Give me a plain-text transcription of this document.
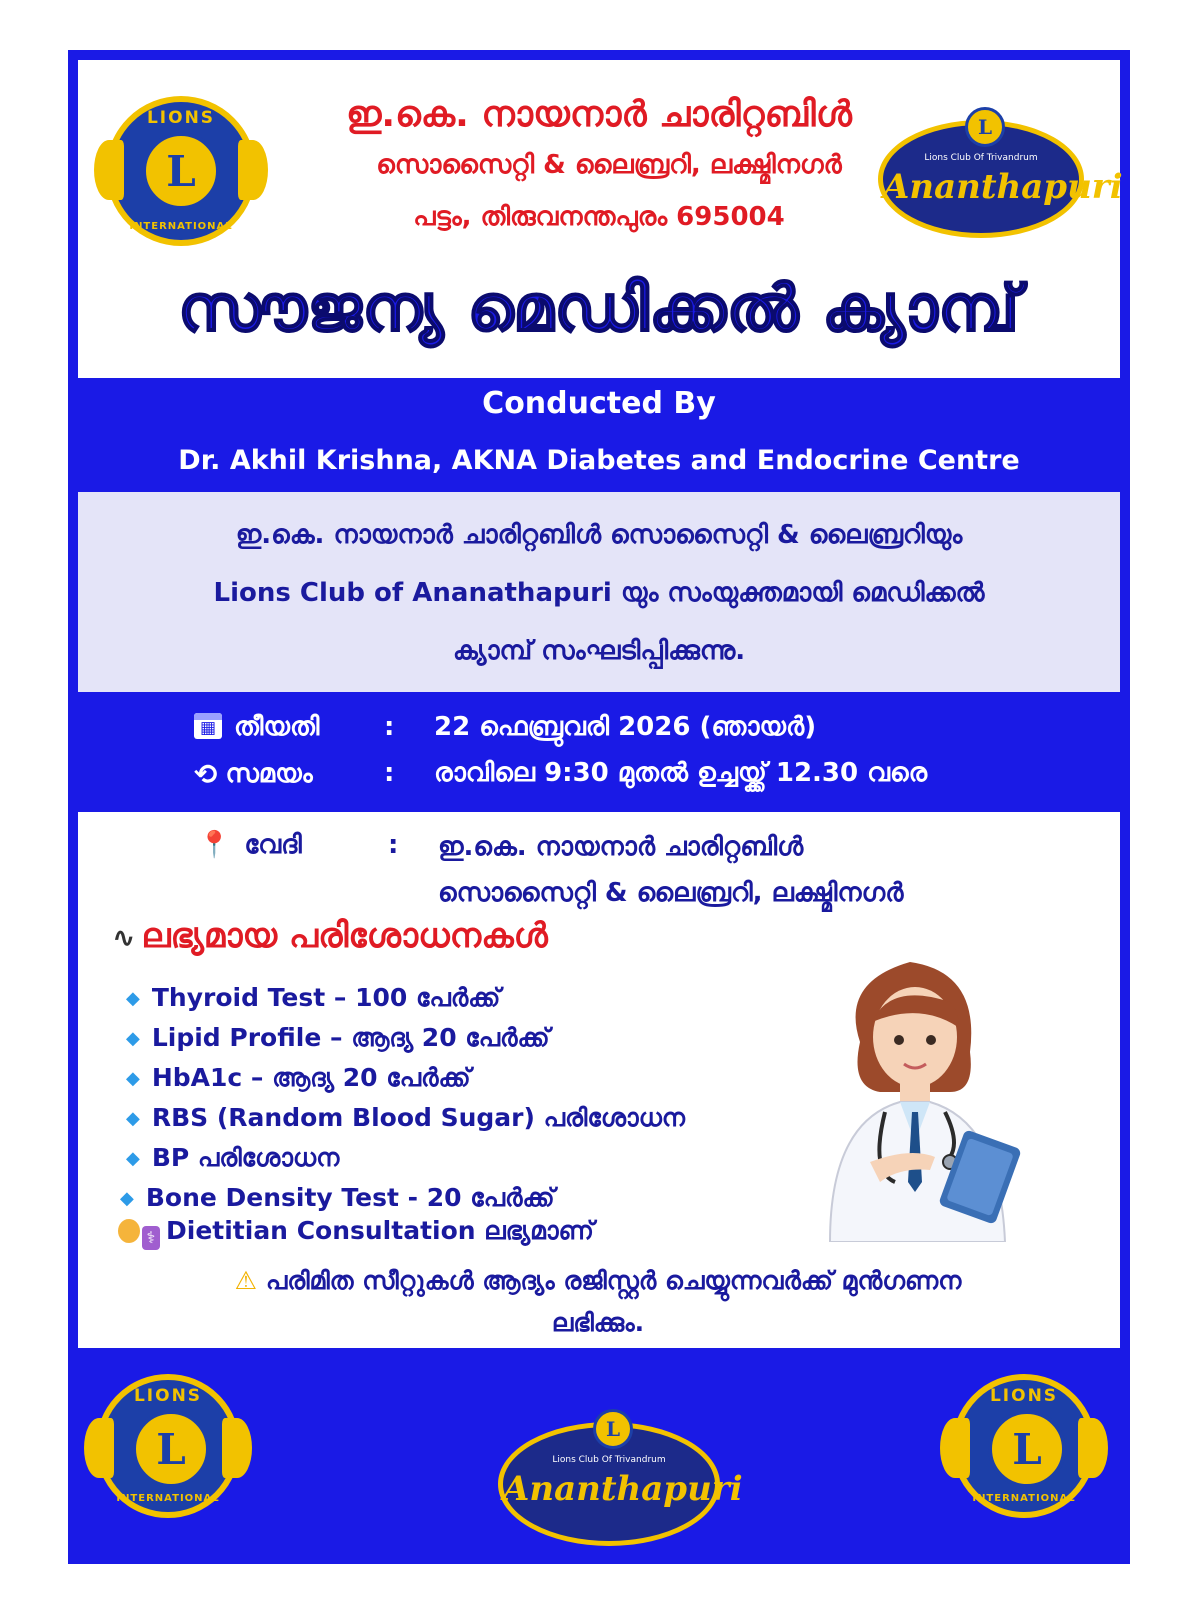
LIONS
L
INTERNATIONAL
ഇ.കെ. നായനാർ ചാരിറ്റബിൾ
സൊസൈറ്റി & ലൈബ്രറി, ലക്ഷ്മിനഗർ
പട്ടം, തിരുവനന്തപുരം 695004
L
Lions Club Of Trivandrum
Ananthapuri
സൗജന്യ മെഡിക്കൽ ക്യാമ്പ്
Conducted By
Dr. Akhil Krishna, AKNA Diabetes and Endocrine Centre
ഇ.കെ. നായനാർ ചാരിറ്റബിൾ സൊസൈറ്റി & ലൈബ്രറിയും
Lions Club of Ananathapuri യും സംയുക്തമായി മെഡിക്കൽ
ക്യാമ്പ് സംഘടിപ്പിക്കുന്നു.
▦തീയതി : 22 ഫെബ്രുവരി 2026 (ഞായർ)
⟲ സമയം	: രാവിലെ 9:30 മുതൽ ഉച്ചയ്ക്ക് 12.30 വരെ
📍 വേദി	: ഇ.കെ. നായനാർ ചാരിറ്റബിൾ
സൊസൈറ്റി & ലൈബ്രറി, ലക്ഷ്മിനഗർ
∿ ലഭ്യമായ പരിശോധനകൾ
◆ Thyroid Test – 100 പേർക്ക്
◆ Lipid Profile – ആദ്യ 20 പേർക്ക്
◆ HbA1c – ആദ്യ 20 പേർക്ക്
◆ RBS (Random Blood Sugar) പരിശോധന
◆ BP പരിശോധന
◆ Bone Density Test - 20 പേർക്ക്
⚕ Dietitian Consultation ലഭ്യമാണ്
⚠ പരിമിത സീറ്റുകൾ ആദ്യം രജിസ്റ്റർ ചെയ്യുന്നവർക്ക് മുൻഗണന
ലഭിക്കും.
LIONS
L
INTERNATIONAL
L
Lions Club Of Trivandrum
Ananthapuri
LIONS
L
INTERNATIONAL
